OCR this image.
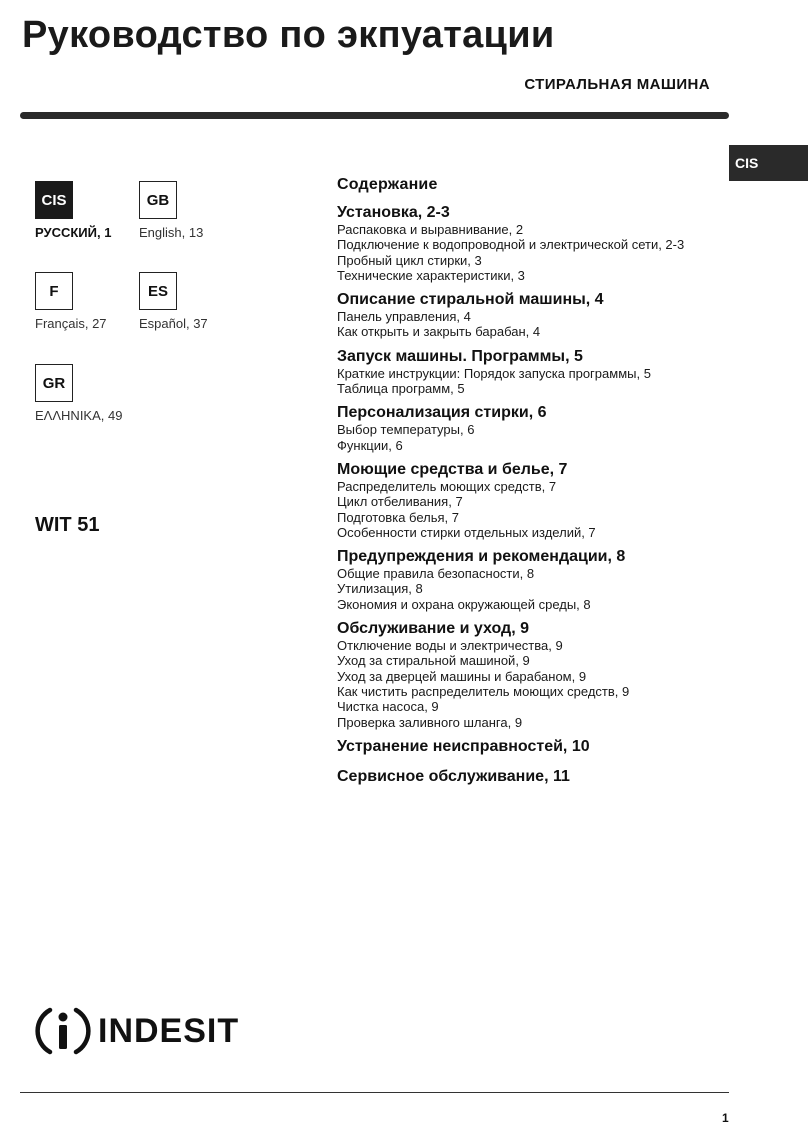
Руководство по экпуатации
СТИРАЛЬНАЯ МАШИНА
CIS
CIS
РУССКИЙ, 1
GB
English, 13
F
Français, 27
ES
Español, 37
GR
ΕΛΛΗΝΙΚΑ, 49
WIT 51
Содержание
Установка, 2-3
Распаковка и выравнивание, 2
Подключение к водопроводной и электрической сети, 2-3
Пробный цикл стирки, 3
Технические характеристики, 3
Описание стиральной машины, 4
Панель управления, 4
Как открыть и закрыть барабан, 4
Запуск машины. Программы, 5
Краткие инструкции: Порядок запуска программы, 5
Таблица программ, 5
Персонализация стирки, 6
Выбор температуры, 6
Функции, 6
Моющие средства и белье, 7
Распределитель моющих средств, 7
Цикл отбеливания, 7
Подготовка белья, 7
Особенности стирки отдельных изделий, 7
Предупреждения и рекомендации, 8
Общие правила безопасности, 8
Утилизация, 8
Экономия и охрана окружающей среды, 8
Обслуживание и уход, 9
Отключение воды и электричества, 9
Уход за стиральной машиной, 9
Уход за дверцей машины и барабаном, 9
Как чистить распределитель моющих средств, 9
Чистка насоса, 9
Проверка заливного шланга, 9
Устранение неисправностей, 10
Сервисное обслуживание, 11
INDESIT
1
